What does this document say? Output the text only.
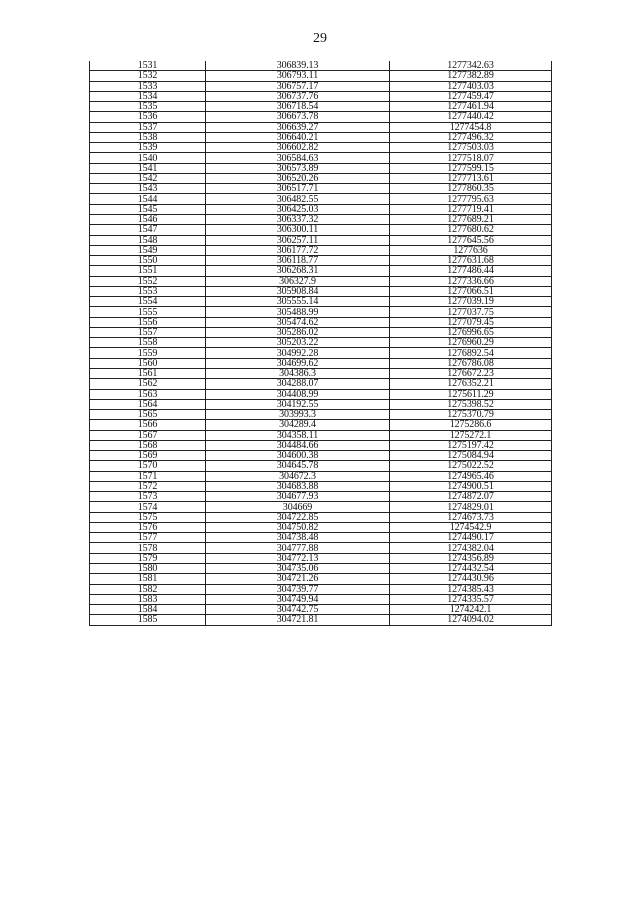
29
1531	306839.13	1277342.63
1532	306793.11	1277382.89
1533	306757.17	1277403.03
1534	306737.76	1277459.47
1535	306718.54	1277461.94
1536	306673.78	1277440.42
1537	306639.27	1277454.8
1538	306640.21	1277496.32
1539	306602.82	1277503.03
1540	306584.63	1277518.07
1541	306573.89	1277599.15
1542	306520.26	1277713.61
1543	306517.71	1277860.35
1544	306482.55	1277795.63
1545	306425.03	1277719.41
1546	306337.32	1277689.21
1547	306300.11	1277680.62
1548	306257.11	1277645.56
1549	306177.72	1277636
1550	306118.77	1277631.68
1551	306268.31	1277486.44
1552	306327.9	1277336.66
1553	305908.84	1277066.51
1554	305555.14	1277039.19
1555	305488.99	1277037.75
1556	305474.62	1277079.45
1557	305286.02	1276996.65
1558	305203.22	1276960.29
1559	304992.28	1276892.54
1560	304699.62	1276786.08
1561	304386.3	1276672.23
1562	304288.07	1276352.21
1563	304408.99	1275611.29
1564	304192.55	1275398.52
1565	303993.3	1275370.79
1566	304289.4	1275286.6
1567	304358.11	1275272.1
1568	304484.66	1275197.42
1569	304600.38	1275084.94
1570	304645.78	1275022.52
1571	304672.3	1274965.46
1572	304683.88	1274900.51
1573	304677.93	1274872.07
1574	304669	1274829.01
1575	304722.85	1274673.73
1576	304750.82	1274542.9
1577	304738.48	1274490.17
1578	304777.88	1274382.04
1579	304772.13	1274356.89
1580	304735.06	1274432.54
1581	304721.26	1274430.96
1582	304739.77	1274385.43
1583	304749.94	1274335.57
1584	304742.75	1274242.1
1585	304721.81	1274094.02
